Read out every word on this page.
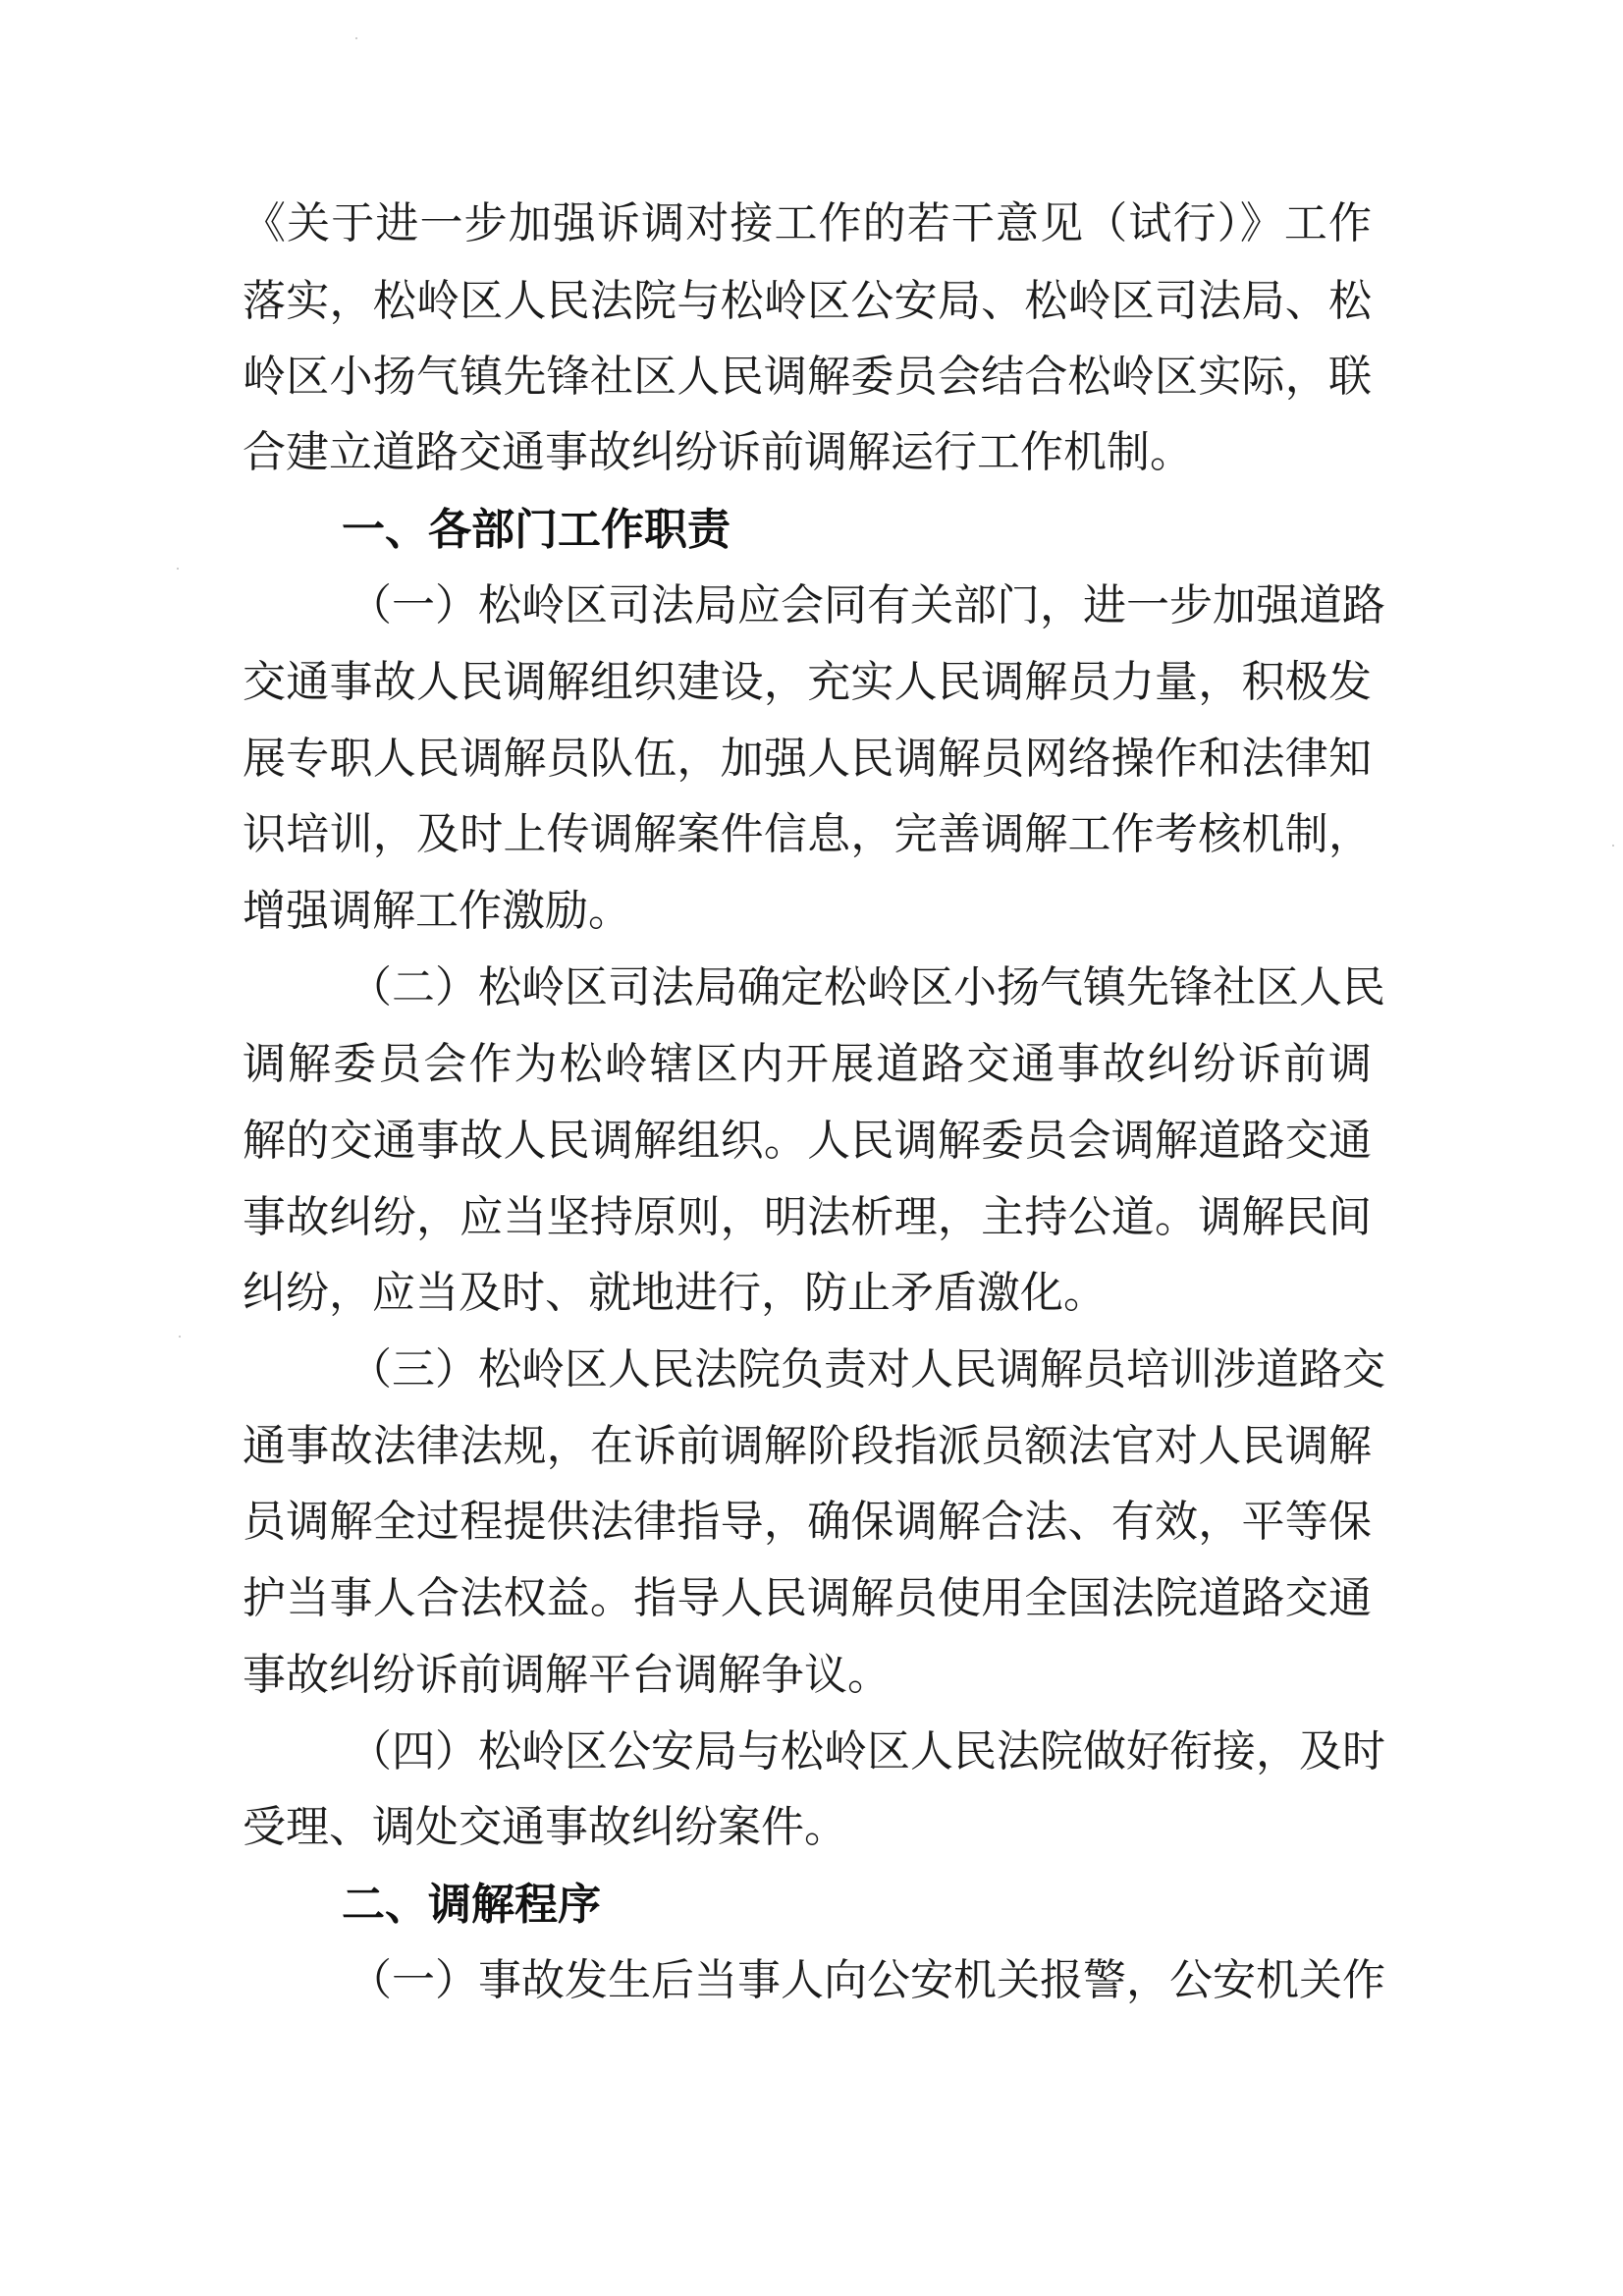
《关于进一步加强诉调对接工作的若干意见（试行）》工作
落实，松岭区人民法院与松岭区公安局、松岭区司法局、松
岭区小扬气镇先锋社区人民调解委员会结合松岭区实际，联
合建立道路交通事故纠纷诉前调解运行工作机制。
一、各部门工作职责
（一）松岭区司法局应会同有关部门，进一步加强道路
交通事故人民调解组织建设，充实人民调解员力量，积极发
展专职人民调解员队伍，加强人民调解员网络操作和法律知
识培训，及时上传调解案件信息，完善调解工作考核机制，
增强调解工作激励。
（二）松岭区司法局确定松岭区小扬气镇先锋社区人民
调解委员会作为松岭辖区内开展道路交通事故纠纷诉前调
解的交通事故人民调解组织。人民调解委员会调解道路交通
事故纠纷，应当坚持原则，明法析理，主持公道。调解民间
纠纷，应当及时、就地进行，防止矛盾激化。
（三）松岭区人民法院负责对人民调解员培训涉道路交
通事故法律法规，在诉前调解阶段指派员额法官对人民调解
员调解全过程提供法律指导，确保调解合法、有效，平等保
护当事人合法权益。指导人民调解员使用全国法院道路交通
事故纠纷诉前调解平台调解争议。
（四）松岭区公安局与松岭区人民法院做好衔接，及时
受理、调处交通事故纠纷案件。
二、调解程序
（一）事故发生后当事人向公安机关报警，公安机关作
